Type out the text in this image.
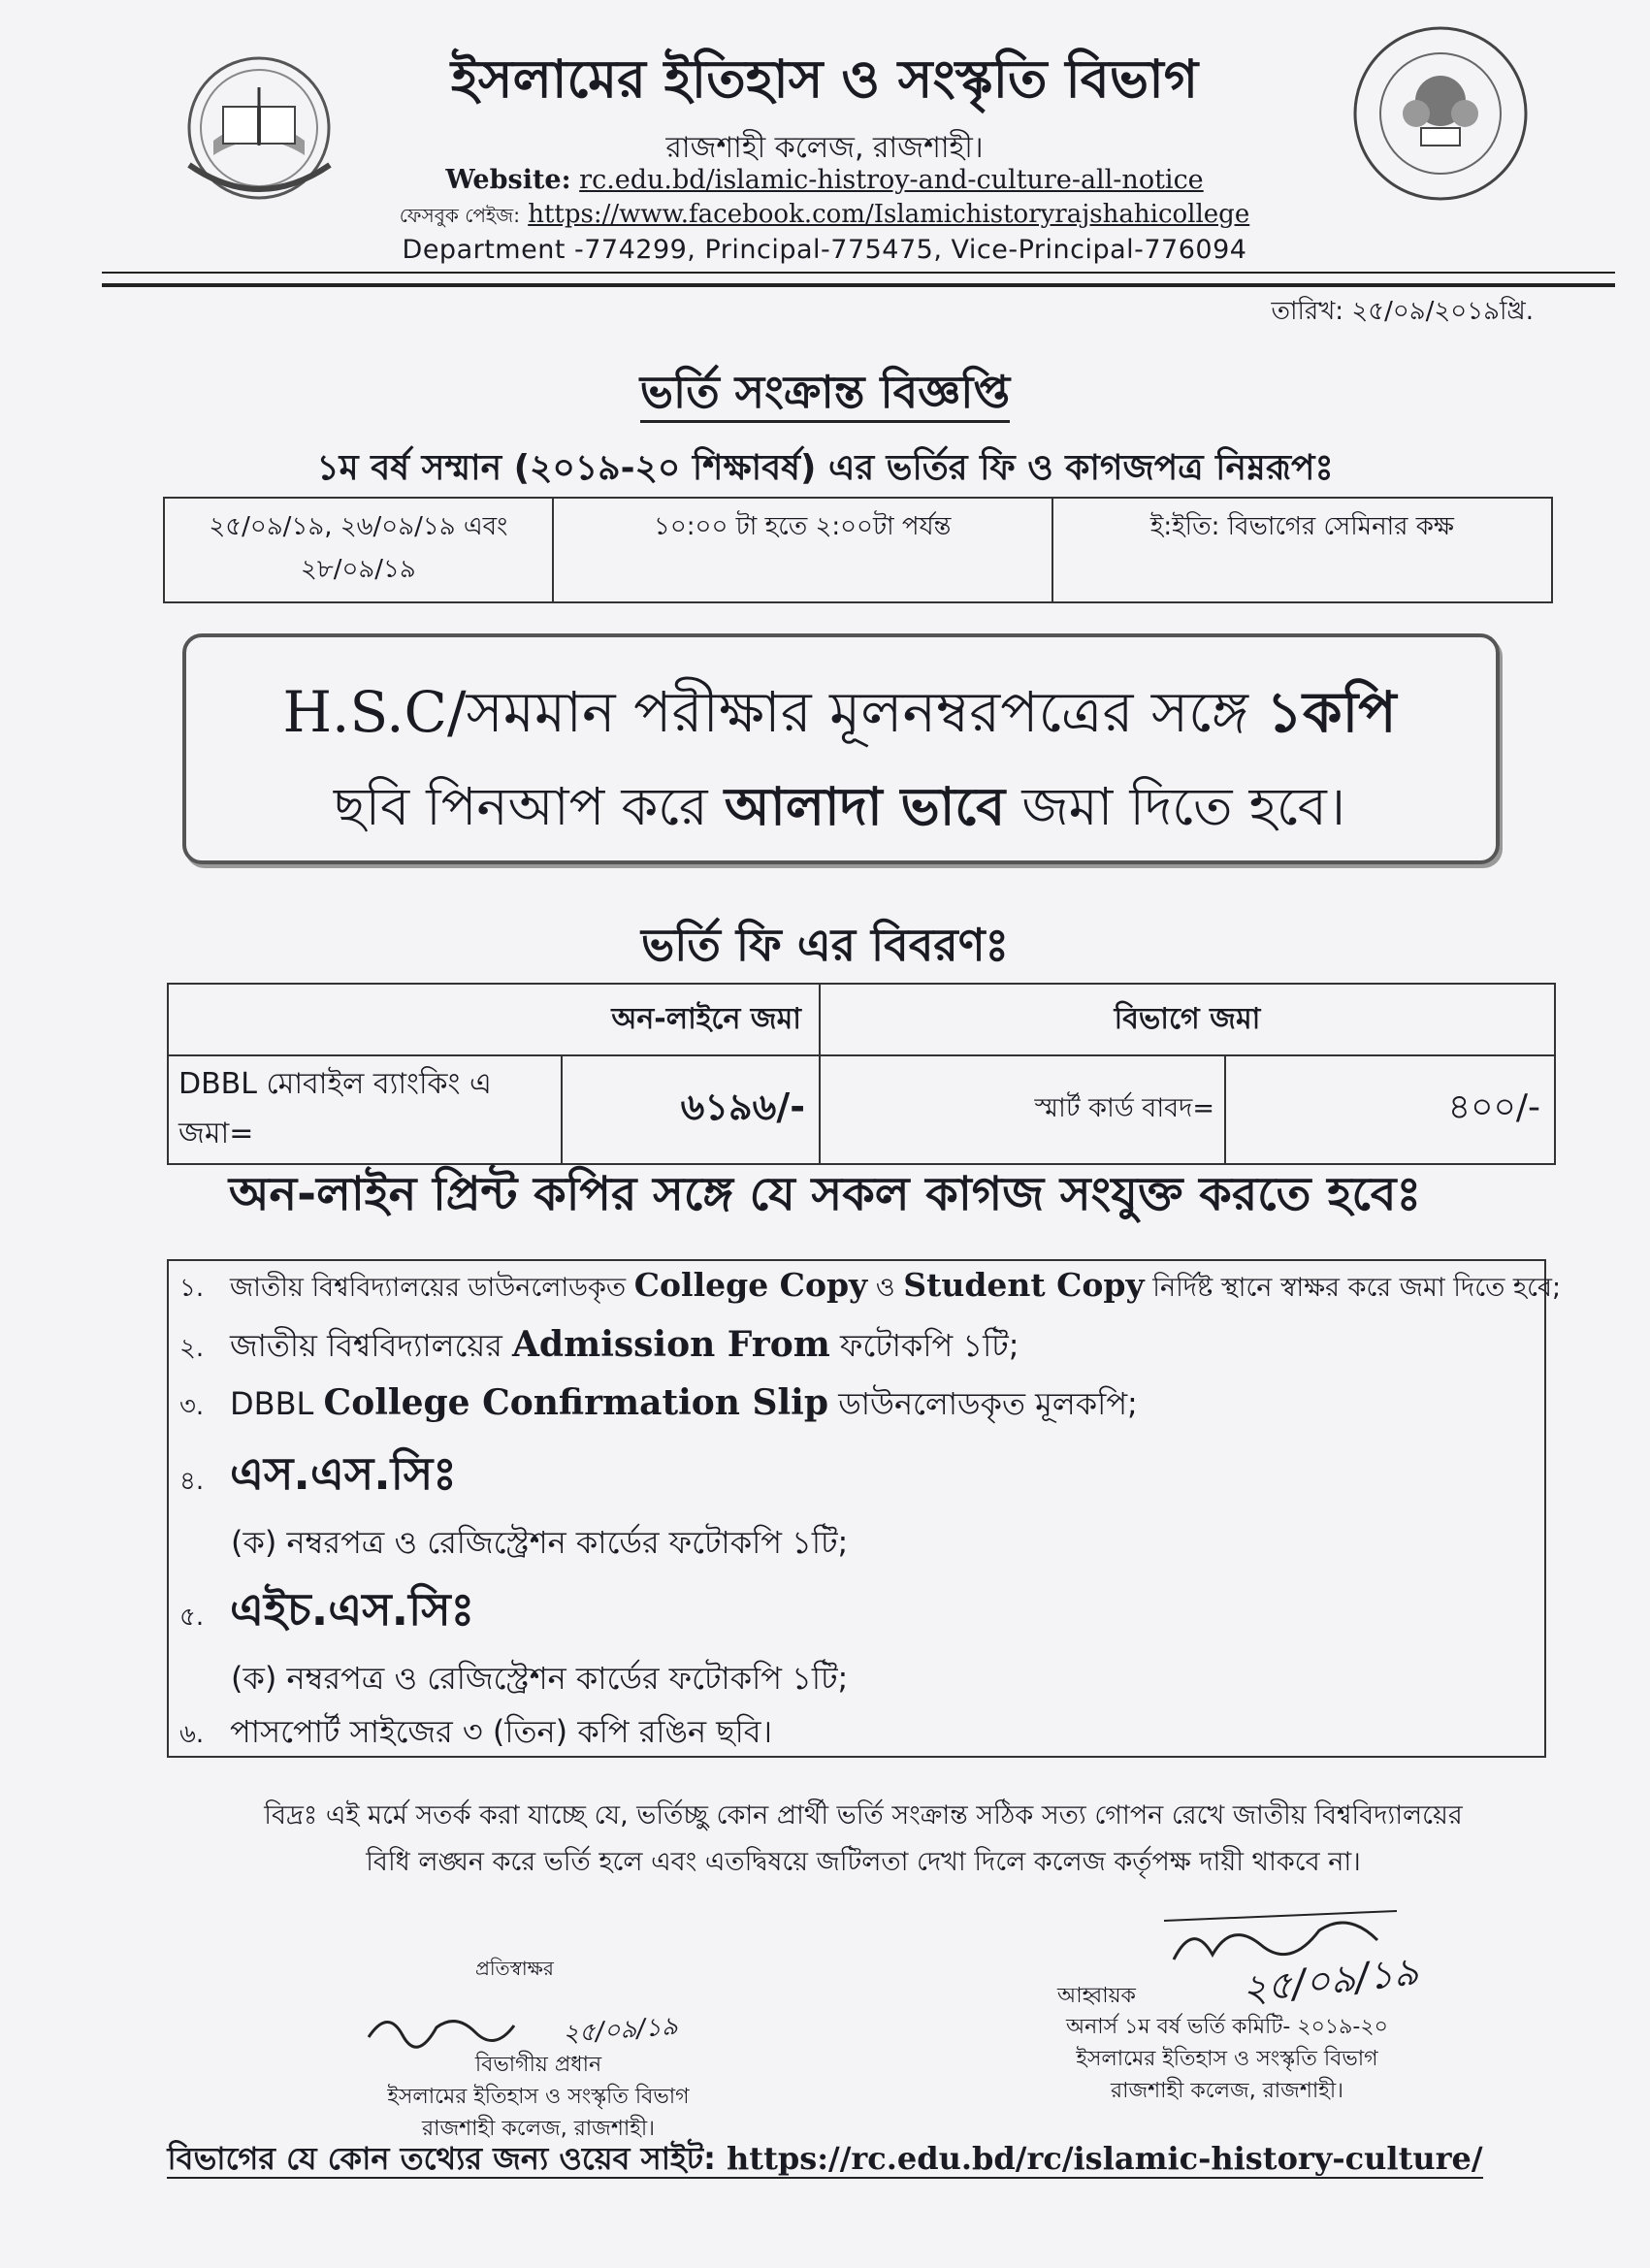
ইসলামের ইতিহাস ও সংস্কৃতি বিভাগ
রাজশাহী কলেজ, রাজশাহী।
Website: rc.edu.bd/islamic-histroy-and-culture-all-notice
ফেসবুক পেইজ: https://www.facebook.com/Islamichistoryrajshahicollege
Department -774299, Principal-775475, Vice-Principal-776094
তারিখ: ২৫/০৯/২০১৯খ্রি.
ভর্তি সংক্রান্ত বিজ্ঞপ্তি
১ম বর্ষ সম্মান (২০১৯-২০ শিক্ষাবর্ষ) এর ভর্তির ফি ও কাগজপত্র নিম্নরূপঃ
২৫/০৯/১৯, ২৬/০৯/১৯ এবং ২৮/০৯/১৯	১০:০০ টা হতে ২:০০টা পর্যন্ত	ই:ইতি: বিভাগের সেমিনার কক্ষ
H.S.C/সমমান পরীক্ষার মূলনম্বরপত্রের সঙ্গে ১কপি
ছবি পিনআপ করে আলাদা ভাবে জমা দিতে হবে।
ভর্তি ফি এর বিবরণঃ
অন-লাইনে জমা		বিভাগে জমা	
DBBL মোবাইল ব্যাংকিং এ জমা=	৬১৯৬/-	স্মার্ট কার্ড বাবদ=	৪০০/-
অন-লাইন প্রিন্ট কপির সঙ্গে যে সকল কাগজ সংযুক্ত করতে হবেঃ
১. জাতীয় বিশ্ববিদ্যালয়ের ডাউনলোডকৃত College Copy ও Student Copy নির্দিষ্ট স্থানে স্বাক্ষর করে জমা দিতে হবে;
২. জাতীয় বিশ্ববিদ্যালয়ের Admission From ফটোকপি ১টি;
৩. DBBL College Confirmation Slip ডাউনলোডকৃত মূলকপি;
৪. এস.এস.সিঃ
(ক) নম্বরপত্র ও রেজিস্ট্রেশন কার্ডের ফটোকপি ১টি;
৫. এইচ.এস.সিঃ
(ক) নম্বরপত্র ও রেজিস্ট্রেশন কার্ডের ফটোকপি ১টি;
৬. পাসপোর্ট সাইজের ৩ (তিন) কপি রঙিন ছবি।
বিদ্রঃ এই মর্মে সতর্ক করা যাচ্ছে যে, ভর্তিচ্ছু কোন প্রার্থী ভর্তি সংক্রান্ত সঠিক সত্য গোপন রেখে জাতীয় বিশ্ববিদ্যালয়ের
বিধি লঙ্ঘন করে ভর্তি হলে এবং এতদ্বিষয়ে জটিলতা দেখা দিলে কলেজ কর্তৃপক্ষ দায়ী থাকবে না।
প্রতিস্বাক্ষর
২৫/০৯/১৯
বিভাগীয় প্রধান
ইসলামের ইতিহাস ও সংস্কৃতি বিভাগ
রাজশাহী কলেজ, রাজশাহী।
২৫/০৯/১৯
আহ্বায়ক
অনার্স ১ম বর্ষ ভর্তি কমিটি- ২০১৯-২০
ইসলামের ইতিহাস ও সংস্কৃতি বিভাগ
রাজশাহী কলেজ, রাজশাহী।
বিভাগের যে কোন তথ্যের জন্য ওয়েব সাইট: https://rc.edu.bd/rc/islamic-history-culture/
